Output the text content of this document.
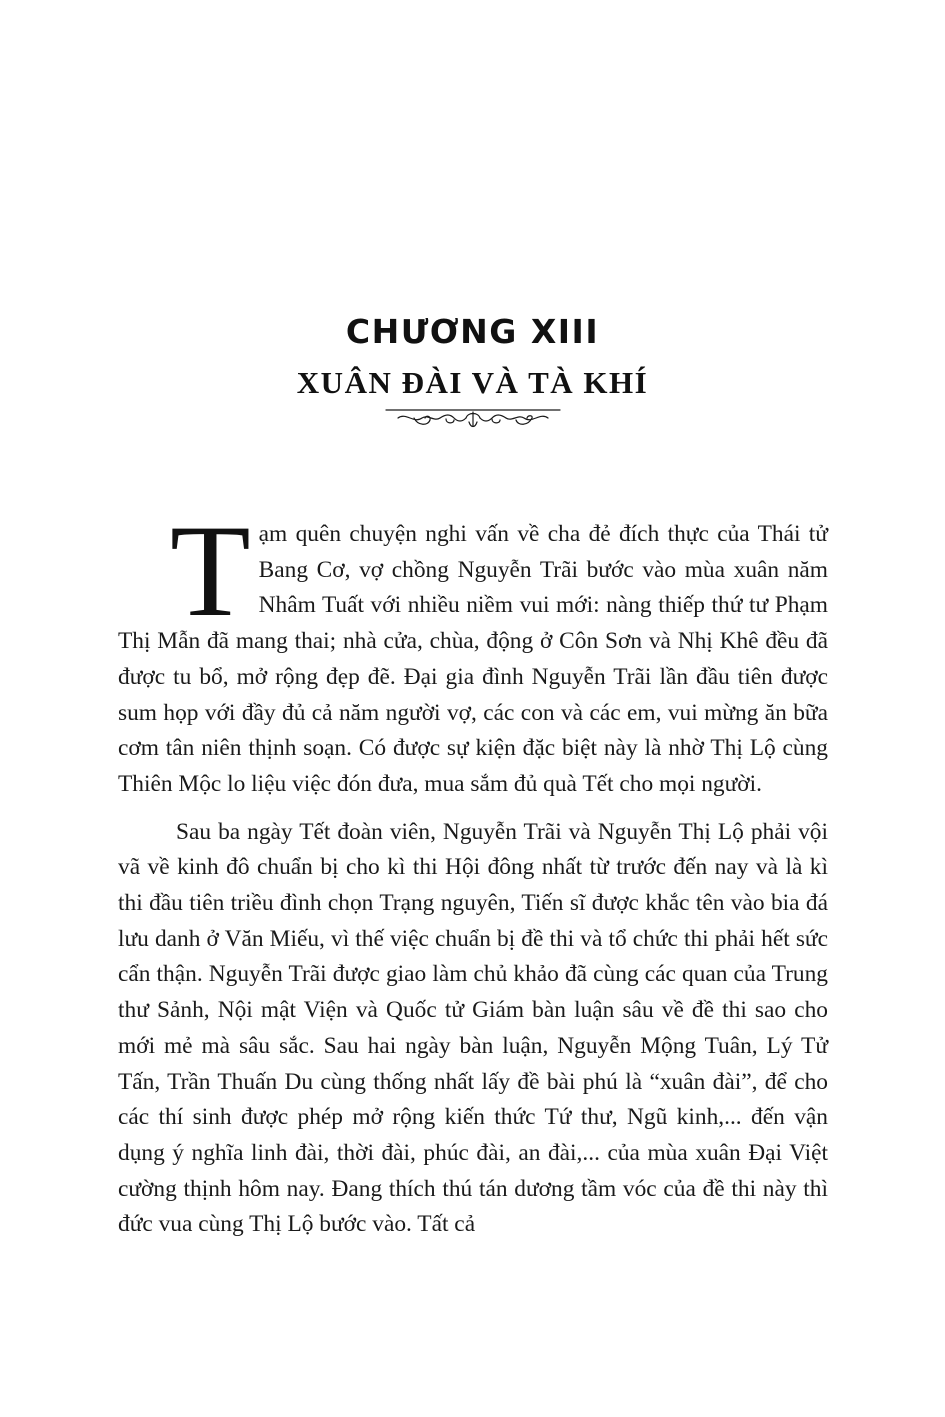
CHƯƠNG XIII
XUÂN ĐÀI VÀ TÀ KHÍ

Tạm quên chuyện nghi vấn về cha đẻ đích thực của Thái tử Bang Cơ, vợ chồng Nguyễn Trãi bước vào mùa xuân năm Nhâm Tuất với nhiều niềm vui mới: nàng thiếp thứ tư Phạm Thị Mẫn đã mang thai; nhà cửa, chùa, động ở Côn Sơn và Nhị Khê đều đã được tu bổ, mở rộng đẹp đẽ. Đại gia đình Nguyễn Trãi lần đầu tiên được sum họp với đầy đủ cả năm người vợ, các con và các em, vui mừng ăn bữa cơm tân niên thịnh soạn. Có được sự kiện đặc biệt này là nhờ Thị Lộ cùng Thiên Mộc lo liệu việc đón đưa, mua sắm đủ quà Tết cho mọi người.

Sau ba ngày Tết đoàn viên, Nguyễn Trãi và Nguyễn Thị Lộ phải vội vã về kinh đô chuẩn bị cho kì thi Hội đông nhất từ trước đến nay và là kì thi đầu tiên triều đình chọn Trạng nguyên, Tiến sĩ được khắc tên vào bia đá lưu danh ở Văn Miếu, vì thế việc chuẩn bị đề thi và tổ chức thi phải hết sức cẩn thận. Nguyễn Trãi được giao làm chủ khảo đã cùng các quan của Trung thư Sảnh, Nội mật Viện và Quốc tử Giám bàn luận sâu về đề thi sao cho mới mẻ mà sâu sắc. Sau hai ngày bàn luận, Nguyễn Mộng Tuân, Lý Tử Tấn, Trần Thuấn Du cùng thống nhất lấy đề bài phú là “xuân đài”, để cho các thí sinh được phép mở rộng kiến thức Tứ thư, Ngũ kinh,... đến vận dụng ý nghĩa linh đài, thời đài, phúc đài, an đài,... của mùa xuân Đại Việt cường thịnh hôm nay. Đang thích thú tán dương tầm vóc của đề thi này thì đức vua cùng Thị Lộ bước vào. Tất cả
